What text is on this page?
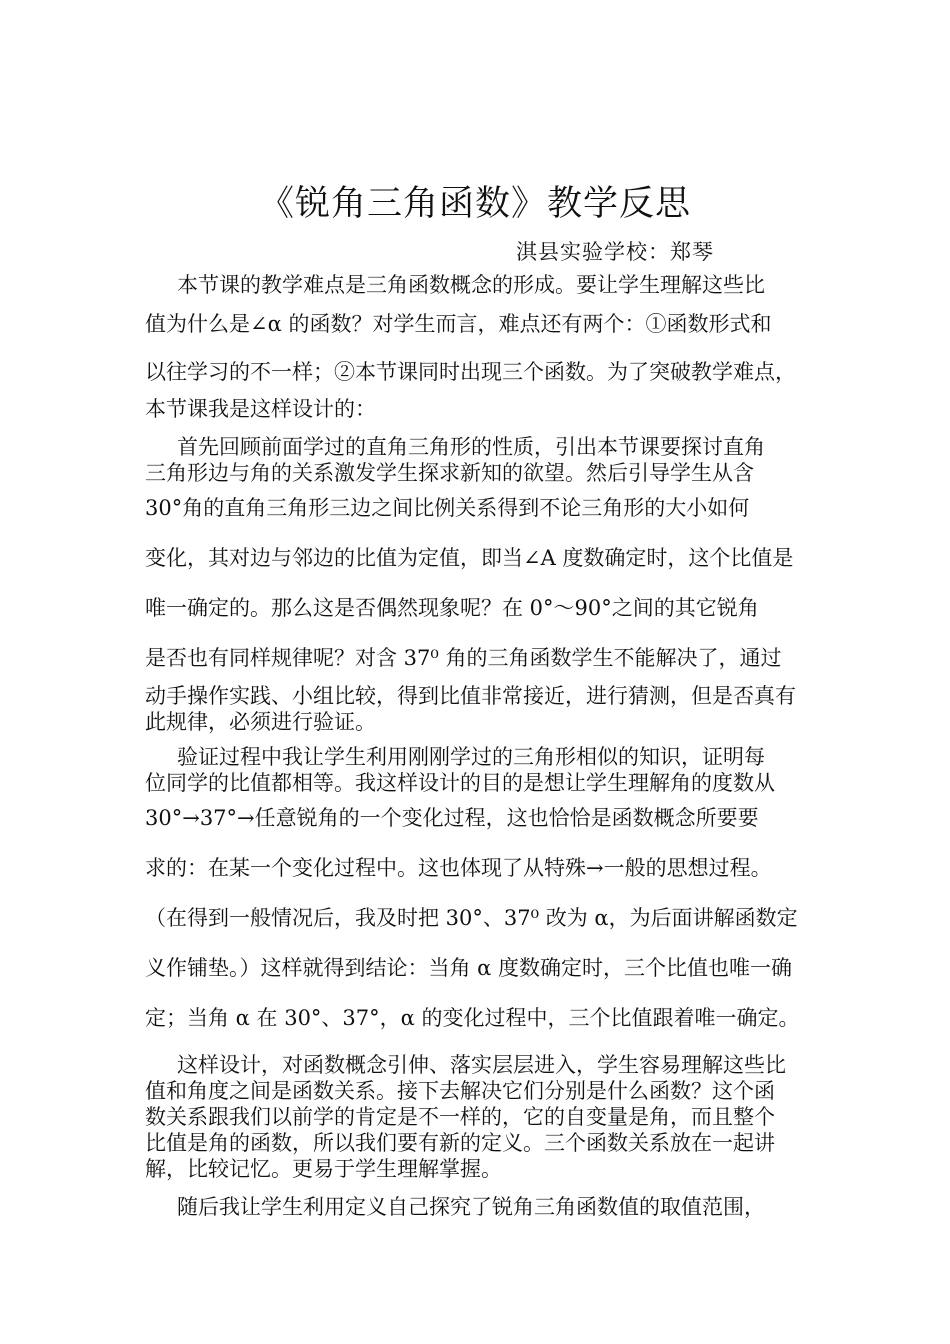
《锐角三角函数》教学反思
淇县实验学校：郑琴
本节课的教学难点是三角函数概念的形成。要让学生理解这些比
值为什么是∠α 的函数？对学生而言，难点还有两个：①函数形式和
以往学习的不一样；②本节课同时出现三个函数。为了突破教学难点，
本节课我是这样设计的：
首先回顾前面学过的直角三角形的性质，引出本节课要探讨直角
三角形边与角的关系激发学生探求新知的欲望。然后引导学生从含
30°角的直角三角形三边之间比例关系得到不论三角形的大小如何
变化，其对边与邻边的比值为定值，即当∠A 度数确定时，这个比值是
唯一确定的。那么这是否偶然现象呢？在 0°～90°之间的其它锐角
是否也有同样规律呢？对含 37⁰ 角的三角函数学生不能解决了，通过
动手操作实践、小组比较，得到比值非常接近，进行猜测，但是否真有
此规律，必须进行验证。
验证过程中我让学生利用刚刚学过的三角形相似的知识，证明每
位同学的比值都相等。我这样设计的目的是想让学生理解角的度数从
30°→37°→任意锐角的一个变化过程，这也恰恰是函数概念所要要
求的：在某一个变化过程中。这也体现了从特殊→一般的思想过程。
（在得到一般情况后，我及时把 30°、37⁰ 改为 α，为后面讲解函数定
义作铺垫。）这样就得到结论：当角 α 度数确定时，三个比值也唯一确
定；当角 α 在 30°、37°，α 的变化过程中，三个比值跟着唯一确定。
这样设计，对函数概念引伸、落实层层进入，学生容易理解这些比
值和角度之间是函数关系。接下去解决它们分别是什么函数？这个函
数关系跟我们以前学的肯定是不一样的，它的自变量是角，而且整个
比值是角的函数，所以我们要有新的定义。三个函数关系放在一起讲
解，比较记忆。更易于学生理解掌握。
随后我让学生利用定义自己探究了锐角三角函数值的取值范围，
